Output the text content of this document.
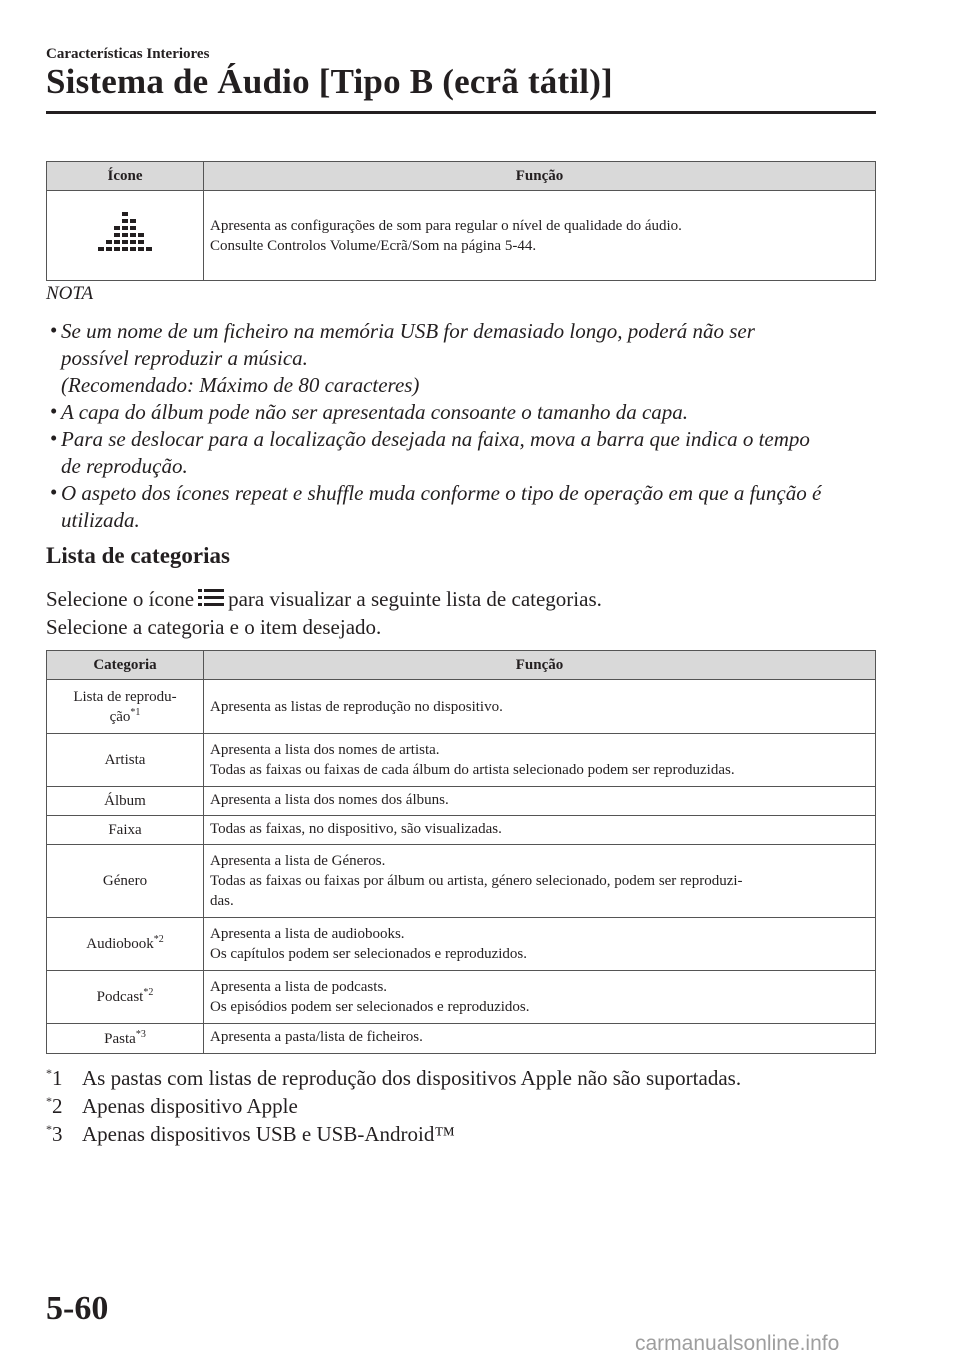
Características Interiores
Sistema de Áudio [Tipo B (ecrã tátil)]
Ícone	Função

Apresenta as configurações de som para regular o nível de qualidade do áudio.
Consulte Controlos Volume/Ecrã/Som na página 5-44.
NOTA
• Se um nome de um ficheiro na memória USB for demasiado longo, poderá não ser
possível reproduzir a música.
(Recomendado: Máximo de 80 caracteres)
• A capa do álbum pode não ser apresentada consoante o tamanho da capa.
• Para se deslocar para a localização desejada na faixa, mova a barra que indica o tempo
de reprodução.
• O aspeto dos ícones repeat e shuffle muda conforme o tipo de operação em que a função é
utilizada.
Lista de categorias
Selecione o ícone para visualizar a seguinte lista de categorias.
Selecione a categoria e o item desejado.
Categoria	Função

Lista de reprodu-
ção$^{*1}$	Apresenta as listas de reprodução no dispositivo.

Artista	Apresenta a lista dos nomes de artista.
Todas as faixas ou faixas de cada álbum do artista selecionado podem ser reproduzidas.

Álbum	Apresenta a lista dos nomes dos álbuns.

Faixa	Todas as faixas, no dispositivo, são visualizadas.

Género	Apresenta a lista de Géneros.
Todas as faixas ou faixas por álbum ou artista, género selecionado, podem ser reproduzi-
das.

Audiobook$^{*2}$	Apresenta a lista de audiobooks.
Os capítulos podem ser selecionados e reproduzidos.

Podcast$^{*2}$	Apresenta a lista de podcasts.
Os episódios podem ser selecionados e reproduzidos.

Pasta$^{*3}$	Apresenta a pasta/lista de ficheiros.
*1 As pastas com listas de reprodução dos dispositivos Apple não são suportadas.
*2 Apenas dispositivo Apple
*3 Apenas dispositivos USB e USB-Android™
5-60
carmanualsonline.info
